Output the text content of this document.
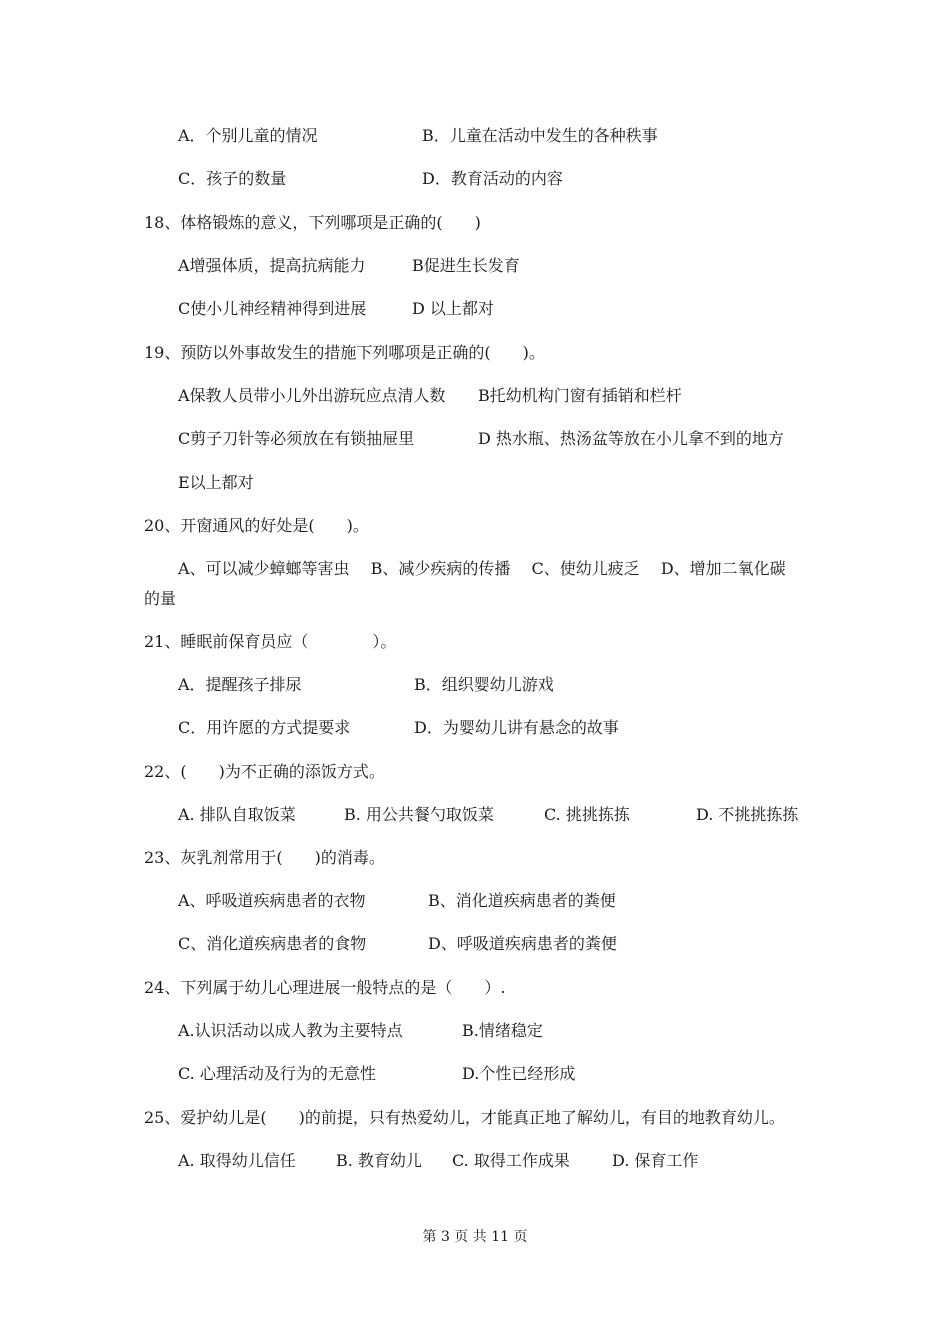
A．个别儿童的情况	B．儿童在活动中发生的各种秩事
C．孩子的数量	D．教育活动的内容
18、体格锻炼的意义，下列哪项是正确的(　　)
A增强体质，提高抗病能力	B促进生长发育
C使小儿神经精神得到进展	D 以上都对
19、预防以外事故发生的措施下列哪项是正确的(　　)。
A保教人员带小儿外出游玩应点清人数 B托幼机构门窗有插销和栏杆
C剪子刀针等必须放在有锁抽屉里	D 热水瓶、热汤盆等放在小儿拿不到的地方
E以上都对
20、开窗通风的好处是(　　)。
A、可以减少蟑螂等害虫　 B、减少疾病的传播　 C、使幼儿疲乏　 D、增加二氧化碳
的量
21、睡眠前保育员应（　　　　）。
A．提醒孩子排尿	B．组织婴幼儿游戏
C．用许愿的方式提要求	D．为婴幼儿讲有悬念的故事
22、(　　)为不正确的添饭方式。
A. 排队自取饭菜	B. 用公共餐勺取饭菜	C. 挑挑拣拣	D. 不挑挑拣拣
23、灰乳剂常用于(　　)的消毒。
A、呼吸道疾病患者的衣物	B、消化道疾病患者的粪便
C、消化道疾病患者的食物	D、呼吸道疾病患者的粪便
24、下列属于幼儿心理进展一般特点的是（　　）.
A.认识活动以成人教为主要特点	B.情绪稳定
C. 心理活动及行为的无意性	D.个性已经形成
25、爱护幼儿是(　　)的前提，只有热爱幼儿，才能真正地了解幼儿，有目的地教育幼儿。
A. 取得幼儿信任	B. 教育幼儿 C. 取得工作成果	D. 保育工作
第 3 页 共 11 页
